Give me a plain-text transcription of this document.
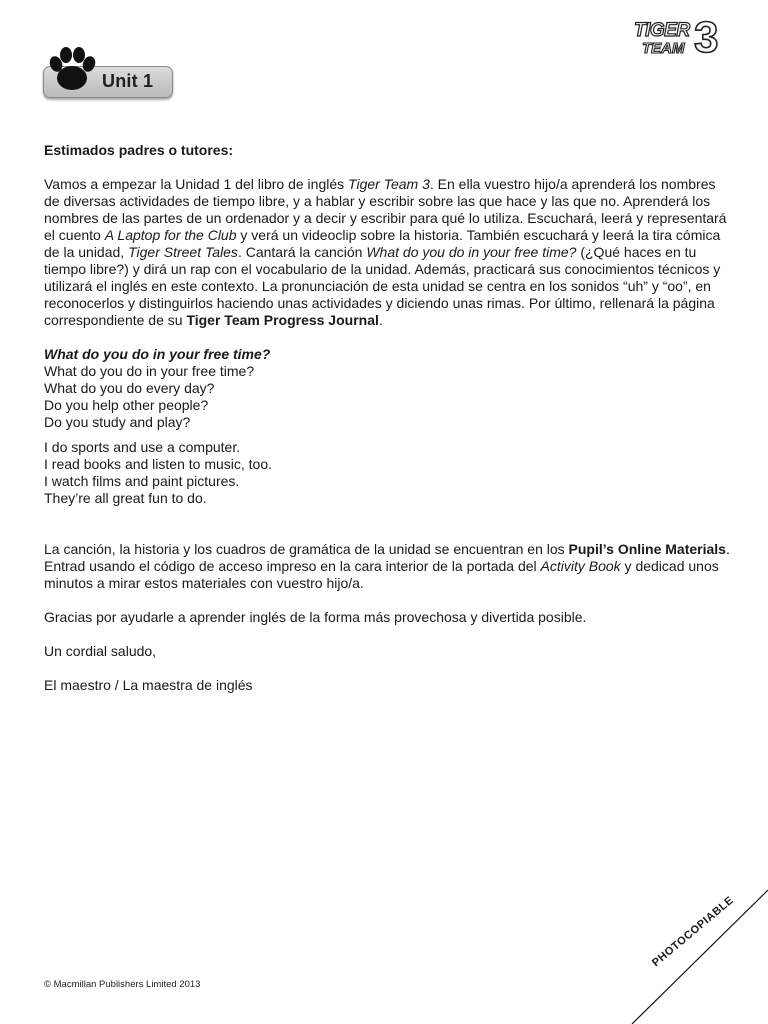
Unit 1
TIGER
TEAM 3

Estimados padres o tutores:

Vamos a empezar la Unidad 1 del libro de inglés Tiger Team 3. En ella vuestro hijo/a aprenderá los nombres de diversas actividades de tiempo libre, y a hablar y escribir sobre las que hace y las que no. Aprenderá los nombres de las partes de un ordenador y a decir y escribir para qué lo utiliza. Escuchará, leerá y representará el cuento A Laptop for the Club y verá un videoclip sobre la historia. También escuchará y leerá la tira cómica de la unidad, Tiger Street Tales. Cantará la canción What do you do in your free time? (¿Qué haces en tu tiempo libre?) y dirá un rap con el vocabulario de la unidad. Además, practicará sus conocimientos técnicos y utilizará el inglés en este contexto. La pronunciación de esta unidad se centra en los sonidos “uh” y “oo”, en reconocerlos y distinguirlos haciendo unas actividades y diciendo unas rimas. Por último, rellenará la página correspondiente de su Tiger Team Progress Journal.

What do you do in your free time?

What do you do in your free time?
What do you do every day?
Do you help other people?
Do you study and play?

I do sports and use a computer.
I read books and listen to music, too.
I watch films and paint pictures.
They’re all great fun to do.

La canción, la historia y los cuadros de gramática de la unidad se encuentran en los Pupil’s Online Materials. Entrad usando el código de acceso impreso en la cara interior de la portada del Activity Book y dedicad unos minutos a mirar estos materiales con vuestro hijo/a.

Gracias por ayudarle a aprender inglés de la forma más provechosa y divertida posible.

Un cordial saludo,

El maestro / La maestra de inglés

© Macmillan Publishers Limited 2013
PHOTOCOPIABLE
